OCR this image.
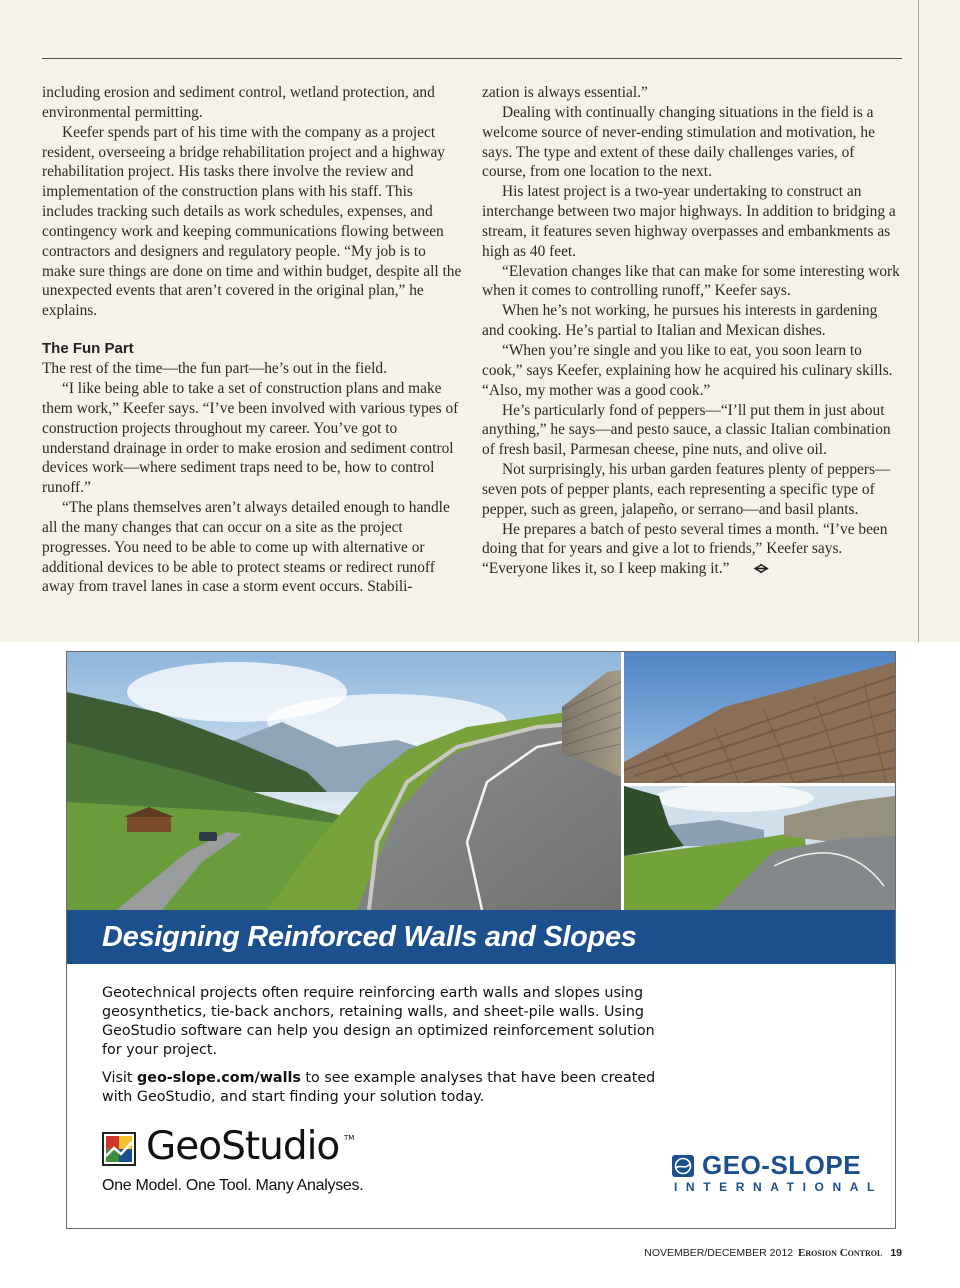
including erosion and sediment control, wetland protection, and environmental permitting.

Keefer spends part of his time with the company as a project resident, overseeing a bridge rehabilitation project and a highway rehabilitation project. His tasks there involve the review and implementation of the construction plans with his staff. This includes tracking such details as work schedules, expenses, and contingency work and keeping communications flowing between contractors and designers and regulatory people. “My job is to make sure things are done on time and within budget, despite all the unexpected events that aren’t covered in the original plan,” he explains.

The Fun Part

The rest of the time—the fun part—he’s out in the field.

“I like being able to take a set of construction plans and make them work,” Keefer says. “I’ve been involved with various types of construction projects throughout my career. You’ve got to understand drainage in order to make erosion and sediment control devices work—where sediment traps need to be, how to control runoff.”

“The plans themselves aren’t always detailed enough to handle all the many changes that can occur on a site as the project progresses. You need to be able to come up with alternative or additional devices to be able to protect steams or redirect runoff away from travel lanes in case a storm event occurs. Stabili-

zation is always essential.”

Dealing with continually changing situations in the field is a welcome source of never-ending stimulation and motivation, he says. The type and extent of these daily challenges varies, of course, from one location to the next.

His latest project is a two-year undertaking to construct an interchange between two major highways. In addition to bridging a stream, it features seven highway overpasses and embankments as high as 40 feet.

“Elevation changes like that can make for some interesting work when it comes to controlling runoff,” Keefer says.

When he’s not working, he pursues his interests in gardening and cooking. He’s partial to Italian and Mexican dishes.

“When you’re single and you like to eat, you soon learn to cook,” says Keefer, explaining how he acquired his culinary skills. “Also, my mother was a good cook.”

He’s particularly fond of peppers—“I’ll put them in just about anything,” he says—and pesto sauce, a classic Italian combination of fresh basil, Parmesan cheese, pine nuts, and olive oil.

Not surprisingly, his urban garden features plenty of peppers—seven pots of pepper plants, each representing a specific type of pepper, such as green, jalapeño, or serrano—and basil plants.

He prepares a batch of pesto several times a month. “I’ve been doing that for years and give a lot to friends,” Keefer says. “Everyone likes it, so I keep making it.” ᗕᗒ

Designing Reinforced Walls and Slopes

Geotechnical projects often require reinforcing earth walls and slopes using geosynthetics, tie-back anchors, retaining walls, and sheet-pile walls. Using GeoStudio software can help you design an optimized reinforcement solution for your project.

Visit geo-slope.com/walls to see example analyses that have been created with GeoStudio, and start finding your solution today.

GeoStudio TM
One Model. One Tool. Many Analyses.
GEO-SLOPE
INTERNATIONAL
NOVEMBER/DECEMBER 2012 Erosion Control 19
